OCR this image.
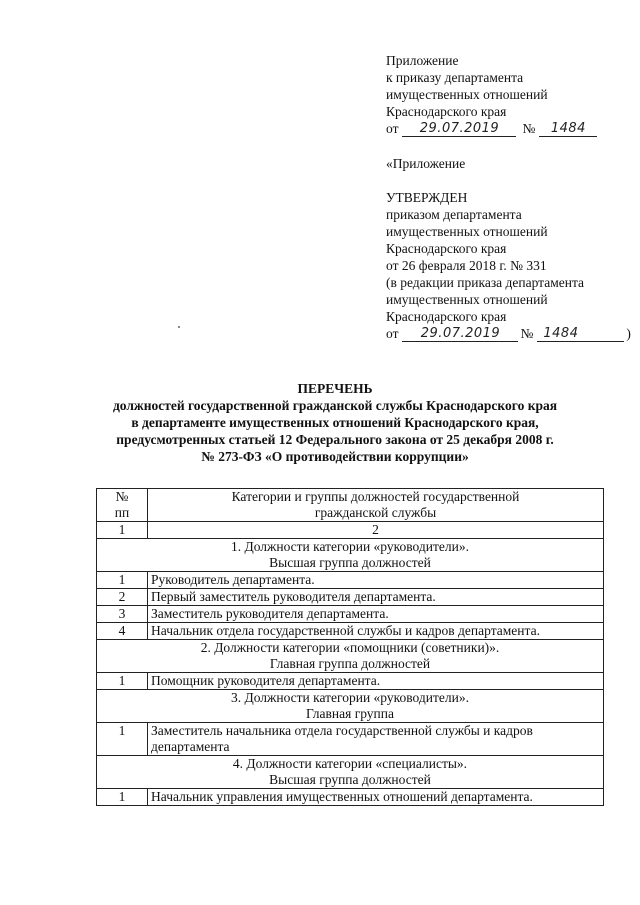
Приложение
к приказу департамента
имущественных отношений
Краснодарского края
от	29.07.2019	№	1484
«Приложение
УТВЕРЖДЕН
приказом департамента
имущественных отношений
Краснодарского края
от 26 февраля 2018 г. № 331
(в редакции приказа департамента
имущественных отношений
Краснодарского края
от	29.07.2019	№ 1484	)
ПЕРЕЧЕНЬ
должностей государственной гражданской службы Краснодарского края
в департаменте имущественных отношений Краснодарского края,
предусмотренных статьей 12 Федерального закона от 25 декабря 2008 г.
№ 273-ФЗ «О противодействии коррупции»
№
пп	Категории и группы должностей государственной
гражданской службы
1	2
1. Должности категории «руководители».
Высшая группа должностей	
1	Руководитель департамента.
2	Первый заместитель руководителя департамента.
3	Заместитель руководителя департамента.
4	Начальник отдела государственной службы и кадров департамента.
2. Должности категории «помощники (советники)».
Главная группа должностей	
1	Помощник руководителя департамента.
3. Должности категории «руководители».
Главная группа	
1	Заместитель начальника отдела государственной службы и кадров департамента
4. Должности категории «специалисты».
Высшая группа должностей	
1	Начальник управления имущественных отношений департамента.
